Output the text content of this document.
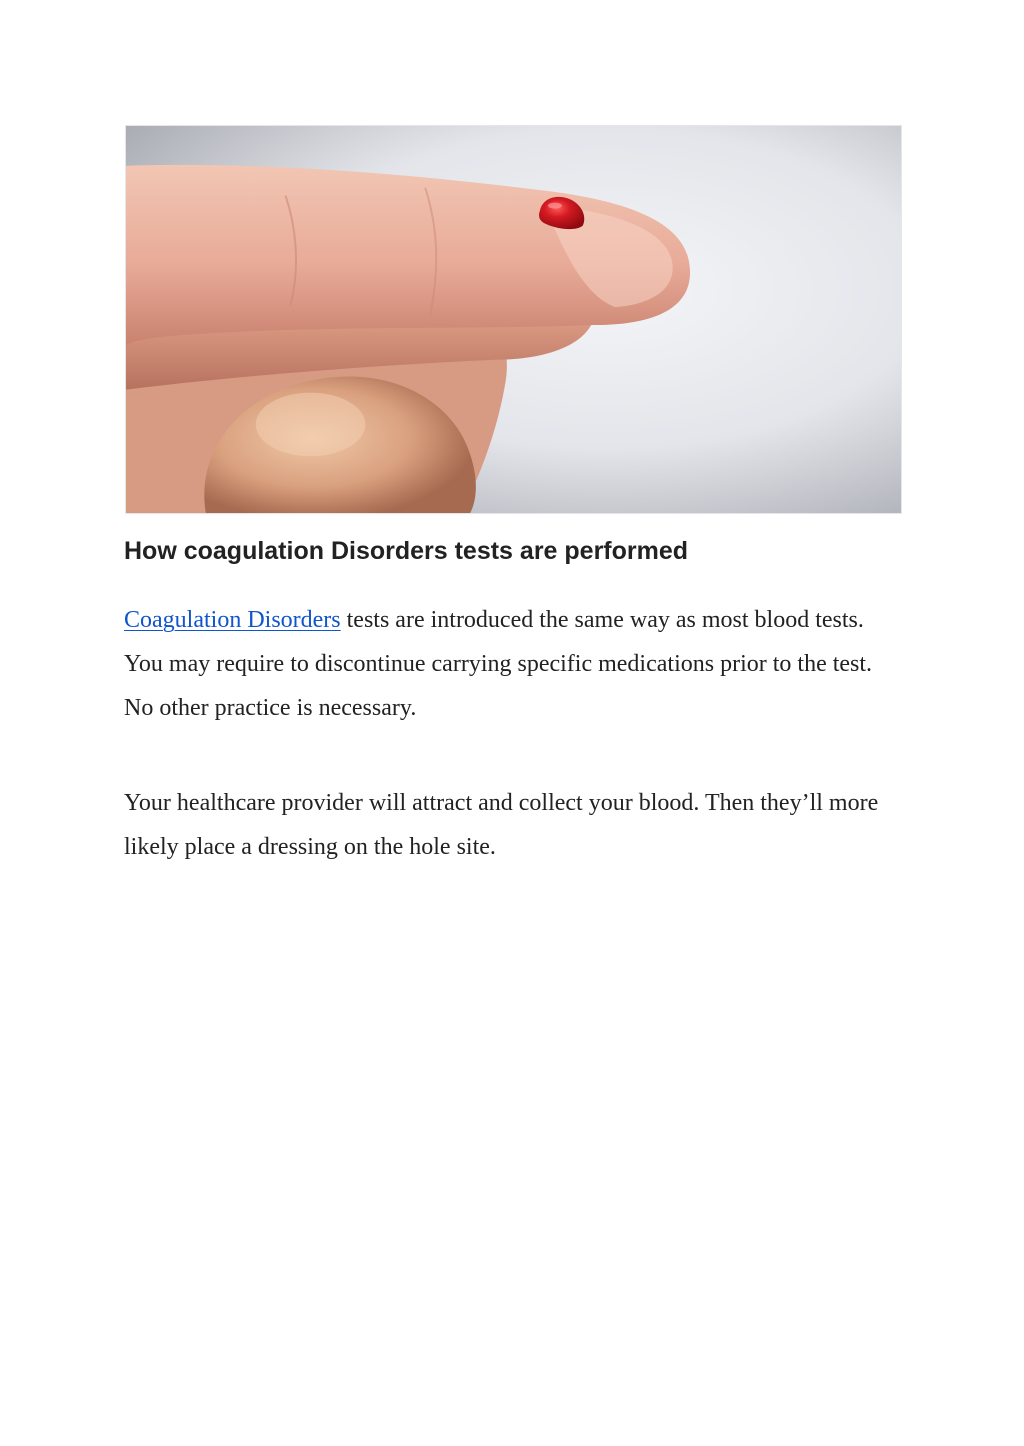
How coagulation Disorders tests are performed

Coagulation Disorders tests are introduced the same way as most blood tests. You may require to discontinue carrying specific medications prior to the test. No other practice is necessary.

Your healthcare provider will attract and collect your blood. Then they’ll more likely place a dressing on the hole site.
